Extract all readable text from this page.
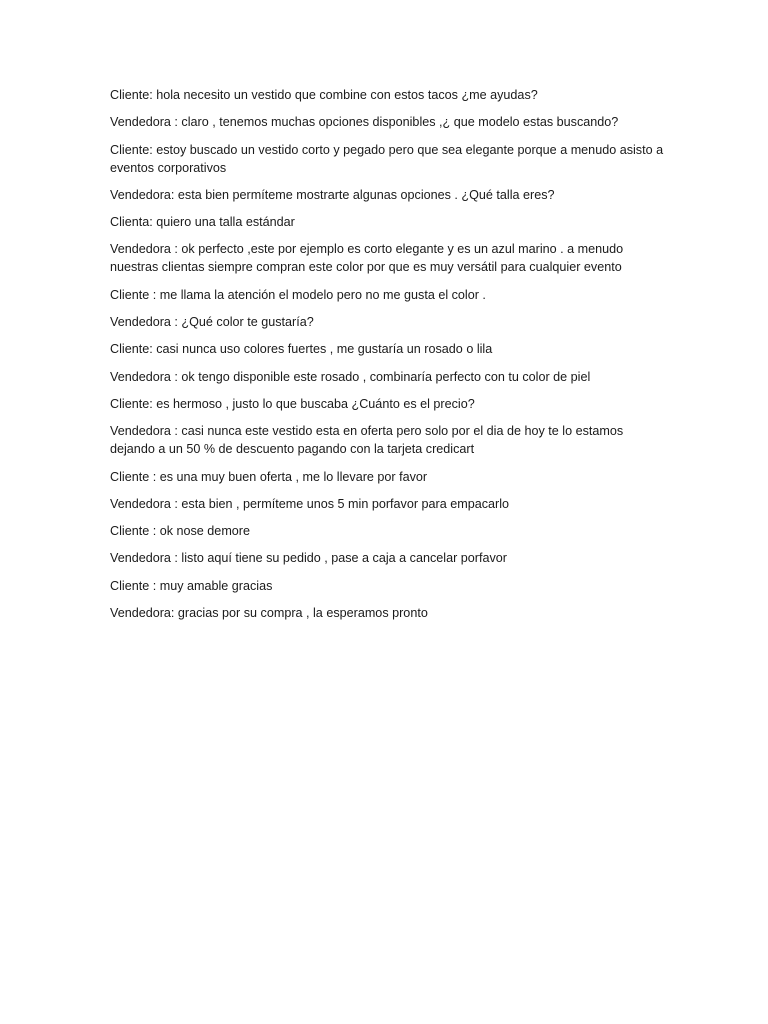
Cliente: hola necesito un vestido que combine con estos tacos ¿me ayudas?
Vendedora : claro , tenemos muchas opciones disponibles ,¿ que modelo estas buscando?
Cliente: estoy buscado un vestido corto y pegado pero que sea elegante porque a menudo asisto a eventos corporativos
Vendedora: esta bien permíteme mostrarte algunas opciones . ¿Qué talla eres?
Clienta: quiero una talla estándar
Vendedora : ok perfecto ,este por ejemplo es corto elegante y es un azul marino . a menudo nuestras clientas siempre compran este color por que es muy versátil para cualquier evento
Cliente : me llama la atención el modelo pero no me gusta el color .
Vendedora : ¿Qué color te gustaría?
Cliente: casi nunca uso colores fuertes , me gustaría un rosado o lila
Vendedora : ok tengo disponible este rosado , combinaría perfecto con tu color de piel
Cliente: es hermoso , justo lo que buscaba ¿Cuánto es el precio?
Vendedora : casi nunca este vestido esta en oferta pero solo por el dia de hoy te lo estamos dejando a un 50 % de descuento pagando con la tarjeta credicart
Cliente : es una muy buen oferta , me lo llevare por favor
Vendedora : esta bien , permíteme unos 5 min porfavor para empacarlo
Cliente : ok nose demore
Vendedora : listo aquí tiene su pedido , pase a caja a cancelar porfavor
Cliente : muy amable gracias
Vendedora: gracias por su compra , la esperamos pronto
